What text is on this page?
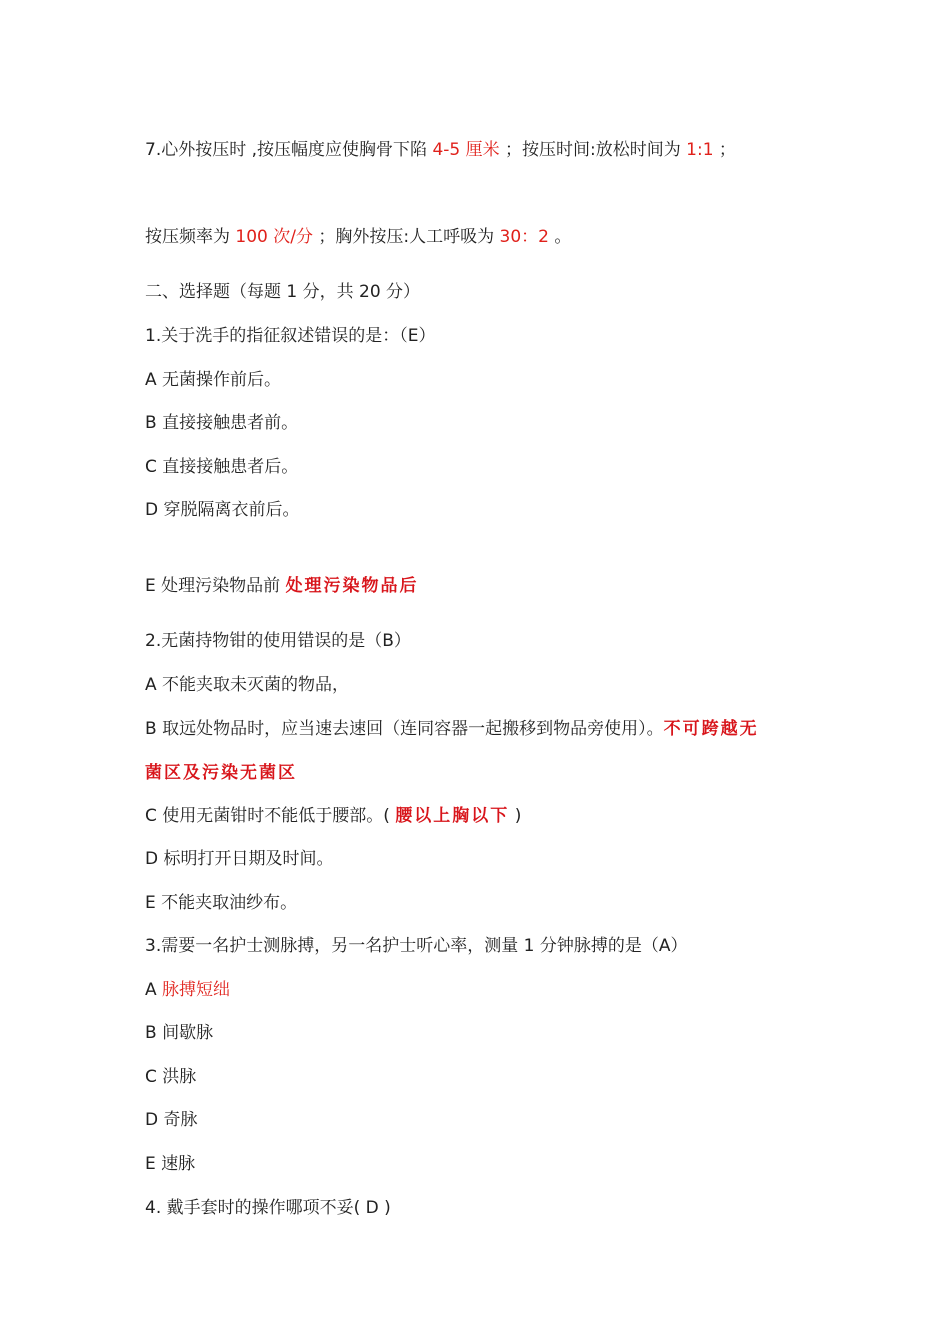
7.心外按压时 ,按压幅度应使胸骨下陷 4-5 厘米 ；按压时间:放松时间为 1:1 ；
按压频率为 100 次/分 ；胸外按压:人工呼吸为 30：2 。
二、选择题（每题 1 分，共 20 分）
1.关于洗手的指征叙述错误的是：（E）
A 无菌操作前后。
B 直接接触患者前。
C 直接接触患者后。
D 穿脱隔离衣前后。
E 处理污染物品前 处理污染物品后
2.无菌持物钳的使用错误的是（B）
A 不能夹取未灭菌的物品，
B 取远处物品时，应当速去速回（连同容器一起搬移到物品旁使用）。不可跨越无
菌区及污染无菌区
C 使用无菌钳时不能低于腰部。( 腰以上胸以下 )
D 标明打开日期及时间。
E 不能夹取油纱布。
3.需要一名护士测脉搏，另一名护士听心率，测量 1 分钟脉搏的是（A）
A 脉搏短绌
B 间歇脉
C 洪脉
D 奇脉
E 速脉
4. 戴手套时的操作哪项不妥( D )
